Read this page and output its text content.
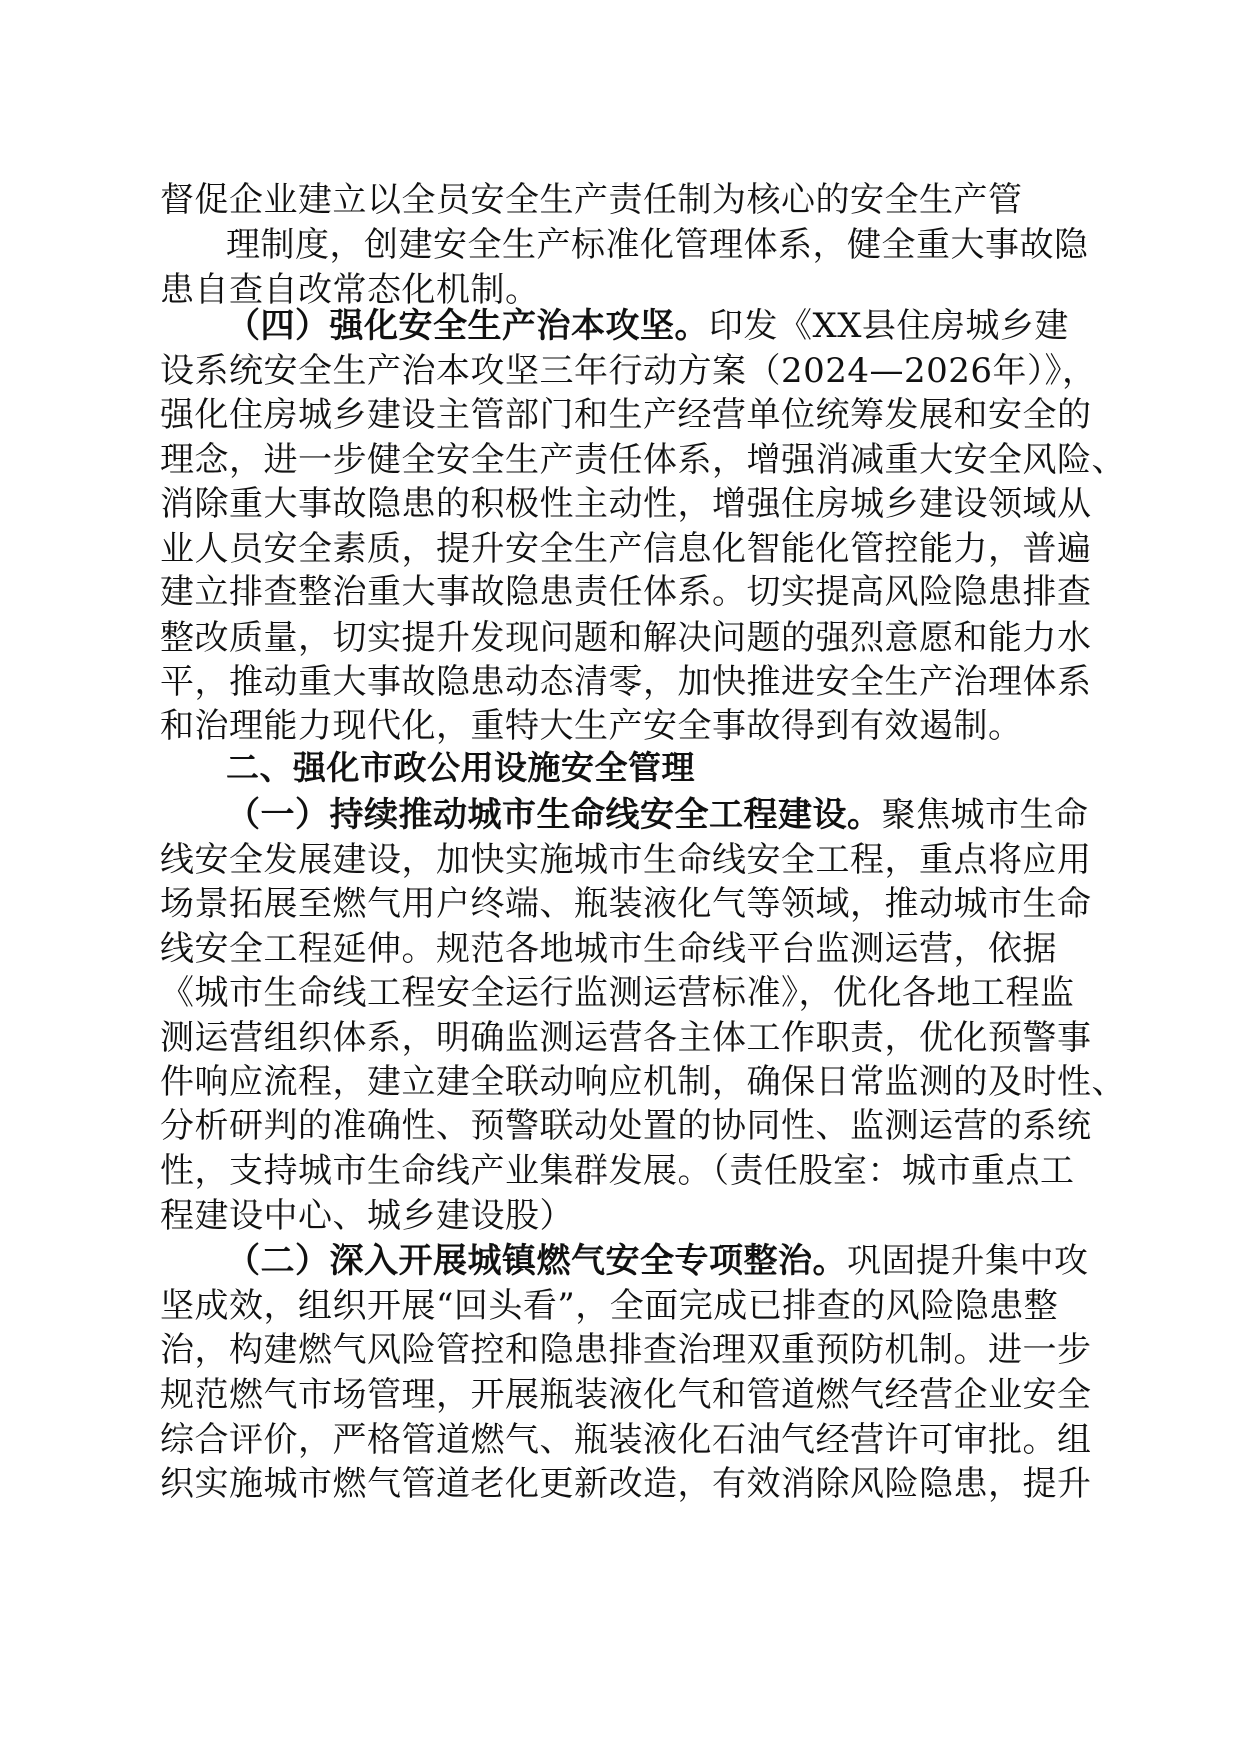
督促企业建立以全员安全生产责任制为核心的安全生产管
理制度，创建安全生产标准化管理体系，健全重大事故隐
患自查自改常态化机制。
（四）强化安全生产治本攻坚。印发《XX县住房城乡建
设系统安全生产治本攻坚三年行动方案（2024—2026年）》，
强化住房城乡建设主管部门和生产经营单位统筹发展和安全的
理念，进一步健全安全生产责任体系，增强消减重大安全风险、
消除重大事故隐患的积极性主动性，增强住房城乡建设领域从
业人员安全素质，提升安全生产信息化智能化管控能力，普遍
建立排查整治重大事故隐患责任体系。切实提高风险隐患排查
整改质量，切实提升发现问题和解决问题的强烈意愿和能力水
平，推动重大事故隐患动态清零，加快推进安全生产治理体系
和治理能力现代化，重特大生产安全事故得到有效遏制。
二、强化市政公用设施安全管理
（一）持续推动城市生命线安全工程建设。聚焦城市生命
线安全发展建设，加快实施城市生命线安全工程，重点将应用
场景拓展至燃气用户终端、瓶装液化气等领域，推动城市生命
线安全工程延伸。规范各地城市生命线平台监测运营，依据
《城市生命线工程安全运行监测运营标准》，优化各地工程监
测运营组织体系，明确监测运营各主体工作职责，优化预警事
件响应流程，建立建全联动响应机制，确保日常监测的及时性、
分析研判的准确性、预警联动处置的协同性、监测运营的系统
性，支持城市生命线产业集群发展。（责任股室：城市重点工
程建设中心、城乡建设股）
（二）深入开展城镇燃气安全专项整治。巩固提升集中攻
坚成效，组织开展“回头看”，全面完成已排查的风险隐患整
治，构建燃气风险管控和隐患排查治理双重预防机制。进一步
规范燃气市场管理，开展瓶装液化气和管道燃气经营企业安全
综合评价，严格管道燃气、瓶装液化石油气经营许可审批。组
织实施城市燃气管道老化更新改造，有效消除风险隐患，提升
